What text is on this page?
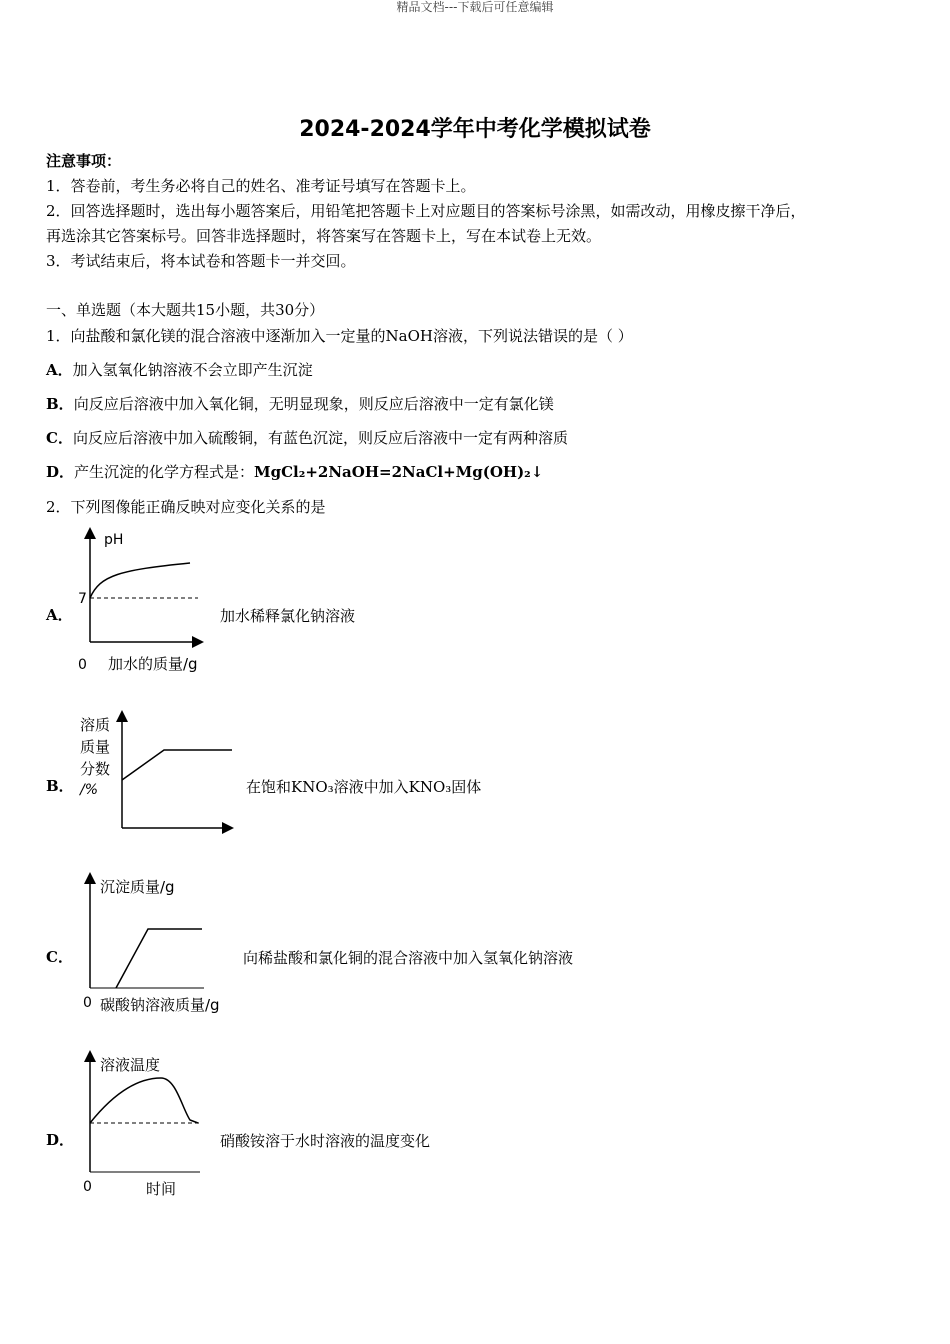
精品文档---下载后可任意编辑
2024-2024学年中考化学模拟试卷
注意事项：
1．答卷前，考生务必将自己的姓名、准考证号填写在答题卡上。
2．回答选择题时，选出每小题答案后，用铅笔把答题卡上对应题目的答案标号涂黑，如需改动，用橡皮擦干净后，
再选涂其它答案标号。回答非选择题时，将答案写在答题卡上，写在本试卷上无效。
3．考试结束后，将本试卷和答题卡一并交回。
一、单选题（本大题共15小题，共30分）
1．向盐酸和氯化镁的混合溶液中逐渐加入一定量的NaOH溶液，下列说法错误的是（ ）
A．加入氢氧化钠溶液不会立即产生沉淀
B．向反应后溶液中加入氧化铜，无明显现象，则反应后溶液中一定有氯化镁
C．向反应后溶液中加入硫酸铜，有蓝色沉淀，则反应后溶液中一定有两种溶质
D．产生沉淀的化学方程式是：MgCl₂+2NaOH=2NaCl+Mg(OH)₂↓
2．下列图像能正确反映对应变化关系的是
A．
pH
7
0 加水的质量/g
加水稀释氯化钠溶液
B．
溶质
质量
分数
/%	在饱和KNO₃溶液中加入KNO₃固体
C．
沉淀质量/g
0 碳酸钠溶液质量/g
向稀盐酸和氯化铜的混合溶液中加入氢氧化钠溶液
D．
溶液温度
0	时间
硝酸铵溶于水时溶液的温度变化
